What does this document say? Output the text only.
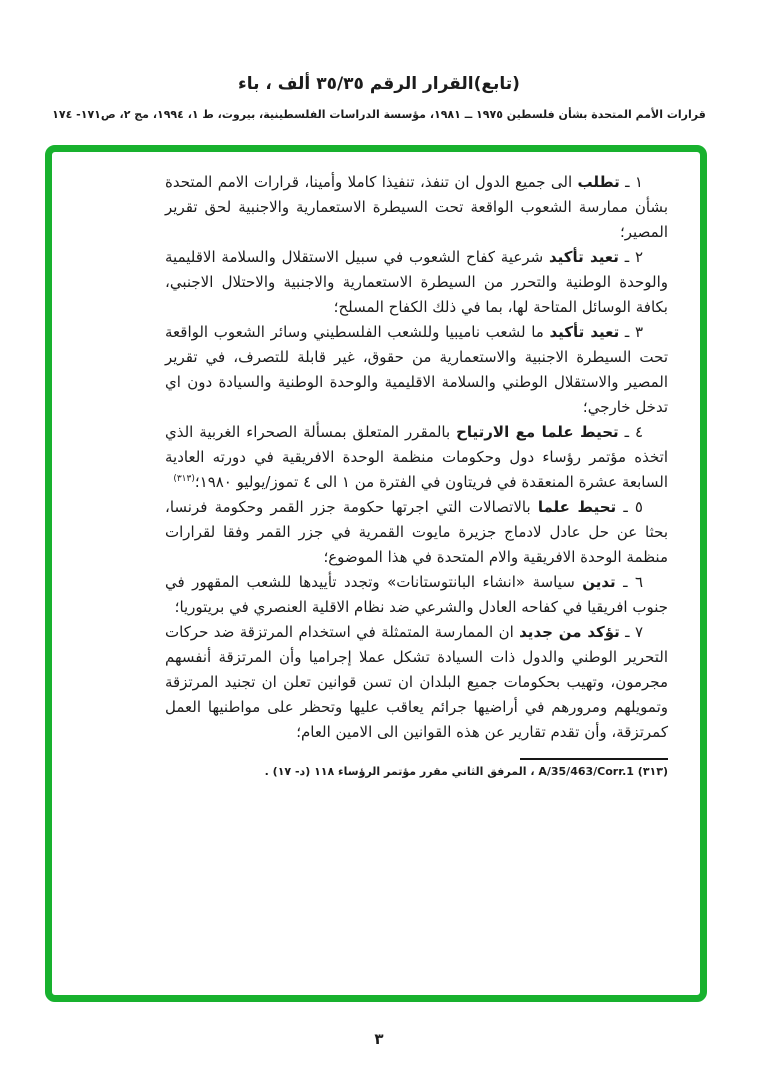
(تابع)القرار الرقم ٣٥/٣٥ ألف ، باء
قرارات الأمم المتحدة بشأن فلسطين ١٩٧٥ ــ ١٩٨١، مؤسسة الدراسات الفلسطينية، بيروت، ط ١، ١٩٩٤، مج ٢، ص١٧١- ١٧٤

١ ـ تطلب الى جميع الدول ان تنفذ، تنفيذا كاملا وأمينا، قرارات الامم المتحدة بشأن ممارسة الشعوب الواقعة تحت السيطرة الاستعمارية والاجنبية لحق تقرير المصير؛

٢ ـ تعيد تأكيد شرعية كفاح الشعوب في سبيل الاستقلال والسلامة الاقليمية والوحدة الوطنية والتحرر من السيطرة الاستعمارية والاجنبية والاحتلال الاجنبي، بكافة الوسائل المتاحة لها، بما في ذلك الكفاح المسلح؛

٣ ـ تعيد تأكيد ما لشعب ناميبيا وللشعب الفلسطيني وسائر الشعوب الواقعة تحت السيطرة الاجنبية والاستعمارية من حقوق، غير قابلة للتصرف، في تقرير المصير والاستقلال الوطني والسلامة الاقليمية والوحدة الوطنية والسيادة دون اي تدخل خارجي؛

٤ ـ تحيط علما مع الارتياح بالمقرر المتعلق بمسألة الصحراء الغربية الذي اتخذه مؤتمر رؤساء دول وحكومات منظمة الوحدة الافريقية في دورته العادية السابعة عشرة المنعقدة في فريتاون في الفترة من ١ الى ٤ تموز/يوليو ١٩٨٠؛$^{(٣١٣)}$

٥ ـ تحيط علما بالاتصالات التي اجرتها حكومة جزر القمر وحكومة فرنسا، بحثا عن حل عادل لادماج جزيرة مايوت القمرية في جزر القمر وفقا لقرارات منظمة الوحدة الافريقية والام المتحدة في هذا الموضوع؛

٦ ـ تدين سياسة «انشاء البانتوستانات» وتجدد تأييدها للشعب المقهور في جنوب افريقيا في كفاحه العادل والشرعي ضد نظام الاقلية العنصري في بريتوريا؛

٧ ـ تؤكد من جديد ان الممارسة المتمثلة في استخدام المرتزقة ضد حركات التحرير الوطني والدول ذات السيادة تشكل عملا إجراميا وأن المرتزقة أنفسهم مجرمون، وتهيب بحكومات جميع البلدان ان تسن قوانين تعلن ان تجنيد المرتزقة وتمويلهم ومرورهم في أراضيها جرائم يعاقب عليها وتحظر على مواطنيها العمل كمرتزقة، وأن تقدم تقارير عن هذه القوانين الى الامين العام؛

(٣١٣) A/35/463/Corr.1 ، المرفق الثاني مقرر مؤتمر الرؤساء ١١٨ (د- ١٧) .
٣
